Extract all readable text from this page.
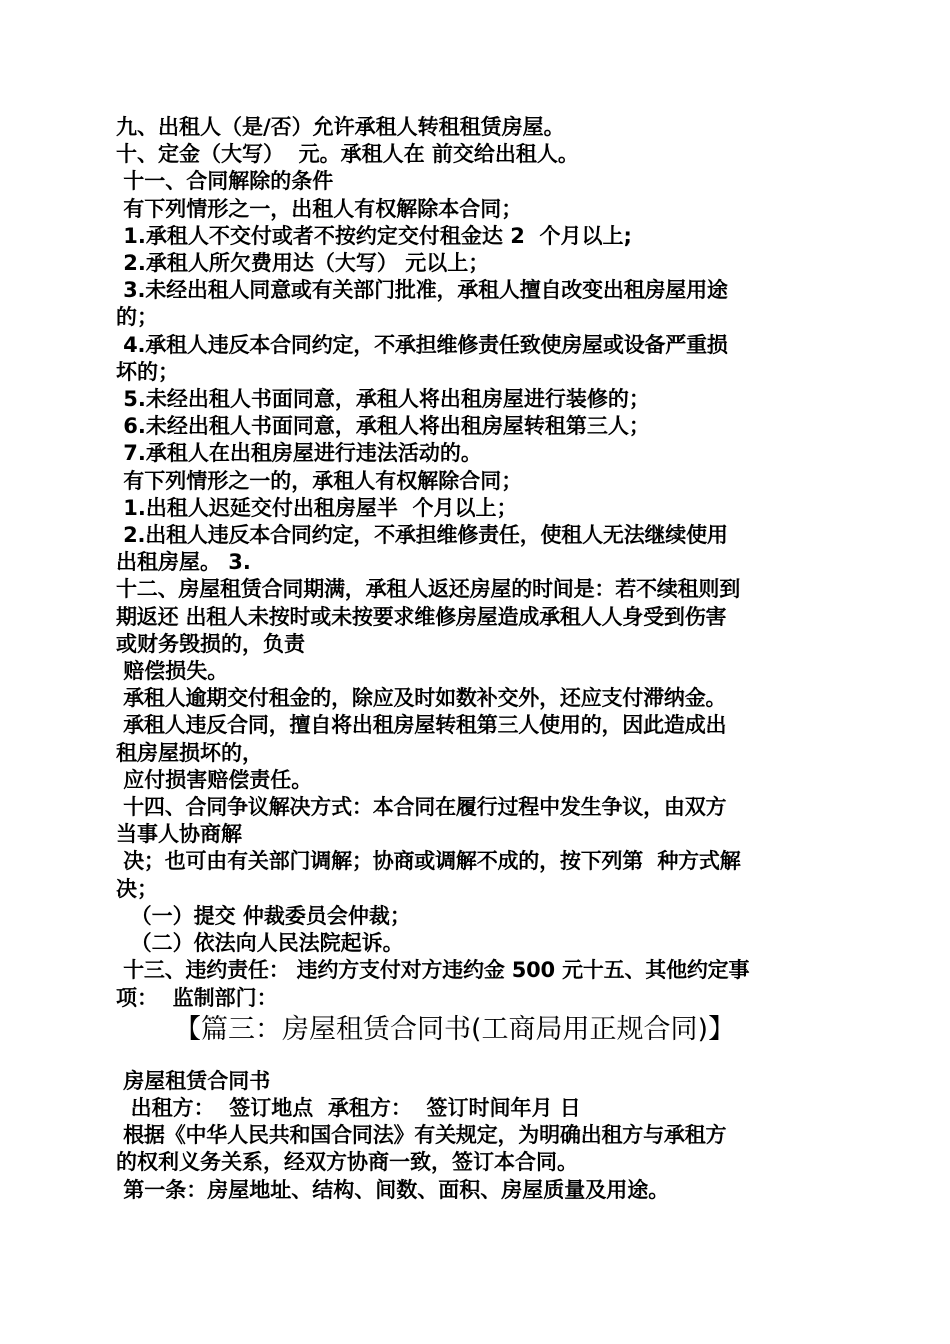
九、出租人（是/否）允许承租人转租租赁房屋。

十、定金（大写）  元。承租人在 前交给出租人。

十一、合同解除的条件

有下列情形之一，出租人有权解除本合同；

1.承租人不交付或者不按约定交付租金达 2  个月以上;

2.承租人所欠费用达（大写） 元以上；

3.未经出租人同意或有关部门批准，承租人擅自改变出租房屋用途

的；

4.承租人违反本合同约定，不承担维修责任致使房屋或设备严重损

坏的；

5.未经出租人书面同意，承租人将出租房屋进行装修的；

6.未经出租人书面同意，承租人将出租房屋转租第三人；

7.承租人在出租房屋进行违法活动的。

有下列情形之一的，承租人有权解除合同；

1.出租人迟延交付出租房屋半  个月以上；

2.出租人违反本合同约定，不承担维修责任，使租人无法继续使用

出租房屋。 3.

十二、房屋租赁合同期满，承租人返还房屋的时间是：若不续租则到

期返还 出租人未按时或未按要求维修房屋造成承租人人身受到伤害

或财务毁损的，负责

赔偿损失。

承租人逾期交付租金的，除应及时如数补交外，还应支付滞纳金。

承租人违反合同，擅自将出租房屋转租第三人使用的，因此造成出

租房屋损坏的，

应付损害赔偿责任。

十四、合同争议解决方式：本合同在履行过程中发生争议，由双方

当事人协商解

决；也可由有关部门调解；协商或调解不成的，按下列第  种方式解

决；

（一）提交 仲裁委员会仲裁；

（二）依法向人民法院起诉。

十三、违约责任： 违约方支付对方违约金 500 元十五、其他约定事

项：  监制部门：

【篇三：房屋租赁合同书(工商局用正规合同)】

房屋租赁合同书

出租方：  签订地点  承租方：  签订时间年月 日

根据《中华人民共和国合同法》有关规定，为明确出租方与承租方

的权利义务关系，经双方协商一致，签订本合同。

第一条：房屋地址、结构、间数、面积、房屋质量及用途。
